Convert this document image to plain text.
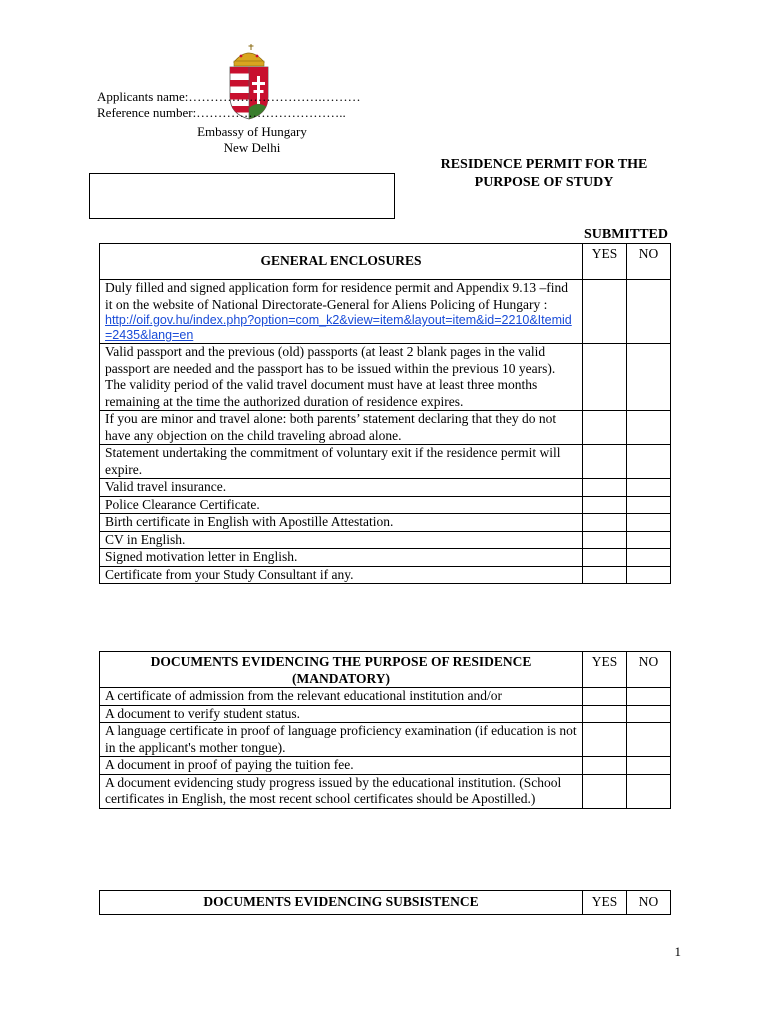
Applicants name:………………………….………
Reference number:……………………………..
Embassy of Hungary
New Delhi
RESIDENCE PERMIT FOR THE
PURPOSE OF STUDY
SUBMITTED
GENERAL ENCLOSURES	YES	NO
Duly filled and signed application form for residence permit and Appendix 9.13 –find it on the website of National Directorate-General for Aliens Policing of Hungary :
http://oif.gov.hu/index.php?option=com_k2&view=item&layout=item&id=2210&Itemid=2435&lang=en		

Valid passport and the previous (old) passports (at least 2 blank pages in the valid passport are needed and the passport has to be issued within the previous 10 years). The validity period of the valid travel document must have at least three months remaining at the time the authorized duration of residence expires.		
If you are minor and travel alone: both parents’ statement declaring that they do not have any objection on the child traveling abroad alone.		
Statement undertaking the commitment of voluntary exit if the residence permit will expire.		
Valid travel insurance.		
Police Clearance Certificate.		
Birth certificate in English with Apostille Attestation.		
CV in English.		
Signed motivation letter in English.		
Certificate from your Study Consultant if any.		
DOCUMENTS EVIDENCING THE PURPOSE OF RESIDENCE (MANDATORY)	YES	NO
A certificate of admission from the relevant educational institution and/or		
A document to verify student status.		
A language certificate in proof of language proficiency examination (if education is not in the applicant's mother tongue).		
A document in proof of paying the tuition fee.		
A document evidencing study progress issued by the educational institution. (School certificates in English, the most recent school certificates should be Apostilled.)		
DOCUMENTS EVIDENCING SUBSISTENCE	YES	NO
1
